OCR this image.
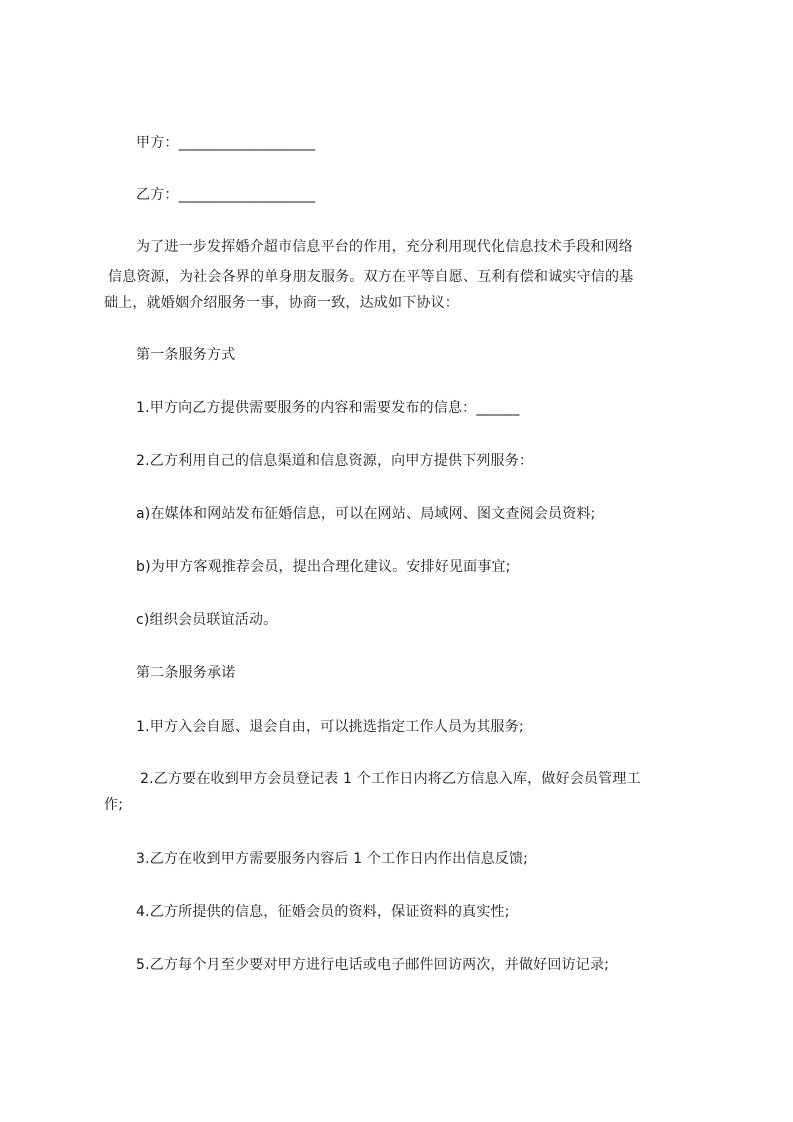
甲方：___________________
乙方：___________________
为了进一步发挥婚介超市信息平台的作用，充分利用现代化信息技术手段和网络
信息资源，为社会各界的单身朋友服务。双方在平等自愿、互利有偿和诚实守信的基
础上，就婚姻介绍服务一事，协商一致，达成如下协议：
第一条服务方式
1.甲方向乙方提供需要服务的内容和需要发布的信息：______
2.乙方利用自己的信息渠道和信息资源，向甲方提供下列服务：
a)在媒体和网站发布征婚信息，可以在网站、局域网、图文查阅会员资料;
b)为甲方客观推荐会员，提出合理化建议。安排好见面事宜;
c)组织会员联谊活动。
第二条服务承诺
1.甲方入会自愿、退会自由，可以挑选指定工作人员为其服务;
2.乙方要在收到甲方会员登记表 1 个工作日内将乙方信息入库，做好会员管理工
作;
3.乙方在收到甲方需要服务内容后 1 个工作日内作出信息反馈;
4.乙方所提供的信息，征婚会员的资料，保证资料的真实性;
5.乙方每个月至少要对甲方进行电话或电子邮件回访两次，并做好回访记录;
